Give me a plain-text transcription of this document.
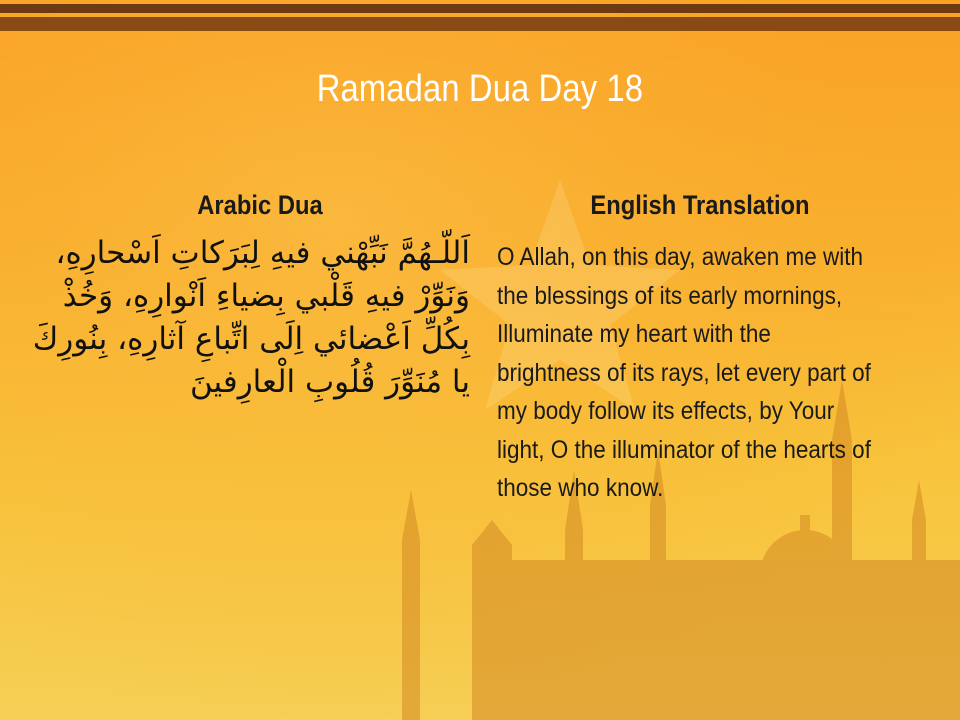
Ramadan Dua Day 18
Arabic Dua	English Translation
اَللّـهُمَّ نَبِّهْني فيهِ لِبَرَكاتِ اَسْحارِهِ، وَنَوِّرْ فيهِ قَلْبي بِضياءِ اَنْوارِهِ، وَخُذْ بِكُلِّ اَعْضائي اِلَى اتِّباعِ آثارِهِ، بِنُورِكَ يا مُنَوِّرَ قُلُوبِ الْعارِفينَ
O Allah, on this day, awaken me with the blessings of its early mornings, Illuminate my heart with the brightness of its rays, let every part of my body follow its effects, by Your light, O the illuminator of the hearts of those who know.
